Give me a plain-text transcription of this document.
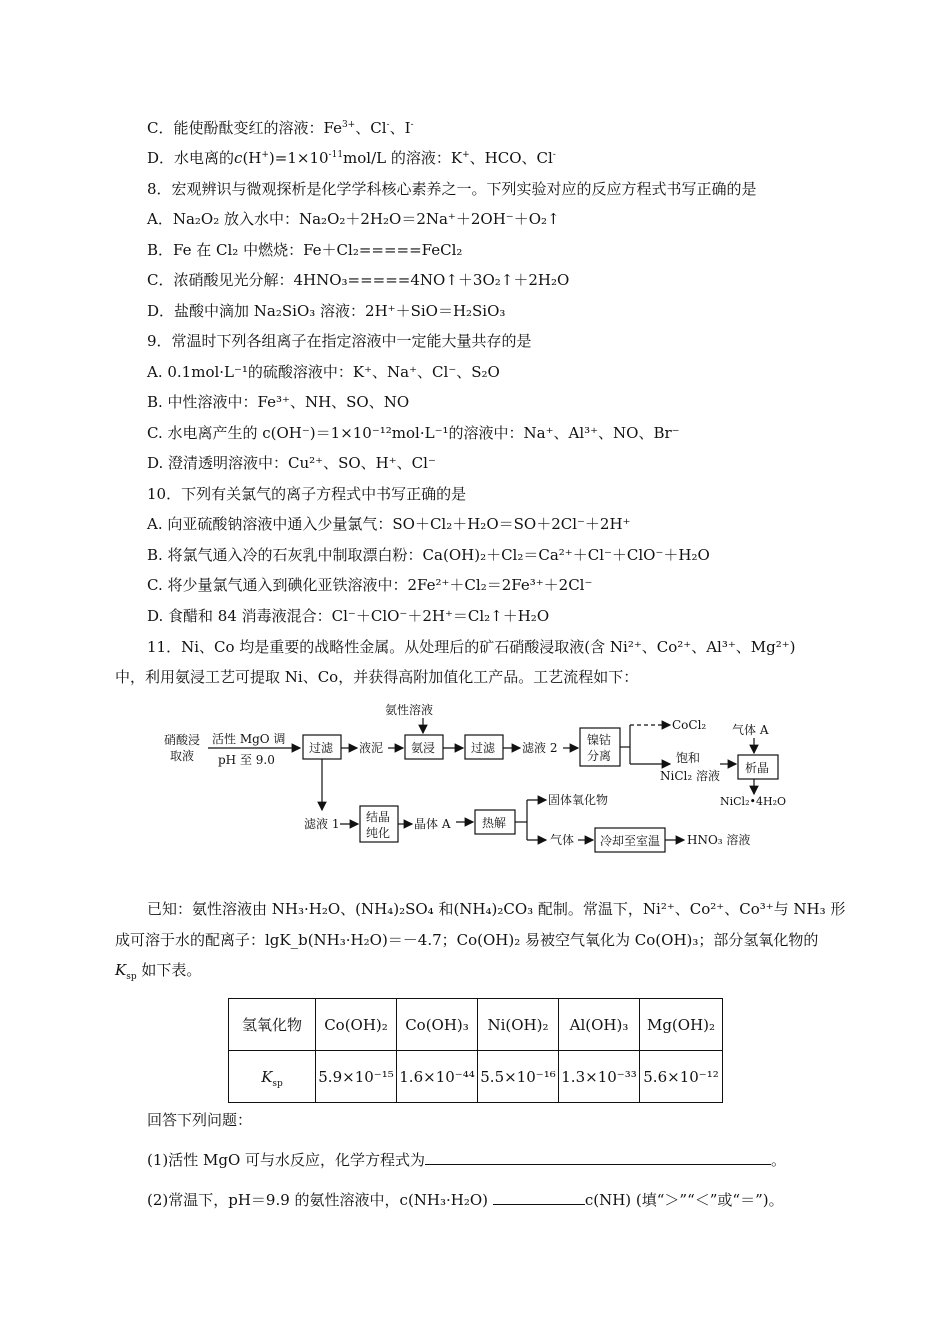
C．能使酚酞变红的溶液：$Fe^{3+}$、Cl-、I-
D．水电离的$c(H^+)=1\times 10^{-11}mol/L$ 的溶液：K+、HCO、Cl-
8．宏观辨识与微观探析是化学学科核心素养之一。下列实验对应的反应方程式书写正确的是
A．Na₂O₂ 放入水中：Na₂O₂＋2H₂O＝2Na⁺＋2OH⁻＋O₂↑
B．Fe 在 Cl₂ 中燃烧：Fe＋Cl₂=====FeCl₂
C．浓硝酸见光分解：4HNO₃=====4NO↑＋3O₂↑＋2H₂O
D．盐酸中滴加 Na₂SiO₃ 溶液：2H⁺＋SiO＝H₂SiO₃
9．常温时下列各组离子在指定溶液中一定能大量共存的是
A. 0.1mol·L⁻¹的硫酸溶液中：K⁺、Na⁺、Cl⁻、S₂O
B. 中性溶液中：Fe³⁺、NH、SO、NO
C. 水电离产生的 c(OH⁻)＝1×10⁻¹²mol·L⁻¹的溶液中：Na⁺、Al³⁺、NO、Br⁻
D. 澄清透明溶液中：Cu²⁺、SO、H⁺、Cl⁻
10．下列有关氯气的离子方程式中书写正确的是
A. 向亚硫酸钠溶液中通入少量氯气：SO＋Cl₂＋H₂O＝SO＋2Cl⁻＋2H⁺
B. 将氯气通入冷的石灰乳中制取漂白粉：Ca(OH)₂＋Cl₂＝Ca²⁺＋Cl⁻＋ClO⁻＋H₂O
C. 将少量氯气通入到碘化亚铁溶液中：2Fe²⁺＋Cl₂＝2Fe³⁺＋2Cl⁻
D. 食醋和 84 消毒液混合：Cl⁻＋ClO⁻＋2H⁺＝Cl₂↑＋H₂O
11．Ni、Co 均是重要的战略性金属。从处理后的矿石硝酸浸取液(含 Ni²⁺、Co²⁺、Al³⁺、Mg²⁺)
中，利用氨浸工艺可提取 Ni、Co，并获得高附加值化工产品。工艺流程如下：
硝酸浸
取液
活性 MgO 调
pH 至 9.0
过滤 液泥
氨性溶液
氨浸	过滤 滤液 2
镍钴
分离
CoCl₂
饱和
NiCl₂ 溶液
气体 A
析晶
NiCl₂•4H₂O
滤液 1 结晶
纯化
晶体 A	热解
固体氧化物
气体 冷却至室温 HNO₃ 溶液
已知：氨性溶液由 NH₃·H₂O、(NH₄)₂SO₄ 和(NH₄)₂CO₃ 配制。常温下，Ni²⁺、Co²⁺、Co³⁺与 NH₃ 形
成可溶于水的配离子：lgK_b(NH₃·H₂O)＝－4.7；Co(OH)₂ 易被空气氧化为 Co(OH)₃；部分氢氧化物的
$K_{sp}$ 如下表。
氢氧化物	Co(OH)₂	Co(OH)₃	Ni(OH)₂	Al(OH)₃	Mg(OH)₂
$K_{sp}$	5.9×10⁻¹⁵	1.6×10⁻⁴⁴	5.5×10⁻¹⁶	1.3×10⁻³³	5.6×10⁻¹²
回答下列问题：
(1)活性 MgO 可与水反应，化学方程式为	。
(2)常温下，pH＝9.9 的氨性溶液中，c(NH₃·H₂O)	c(NH) (填“＞”“＜”或“＝”)。
